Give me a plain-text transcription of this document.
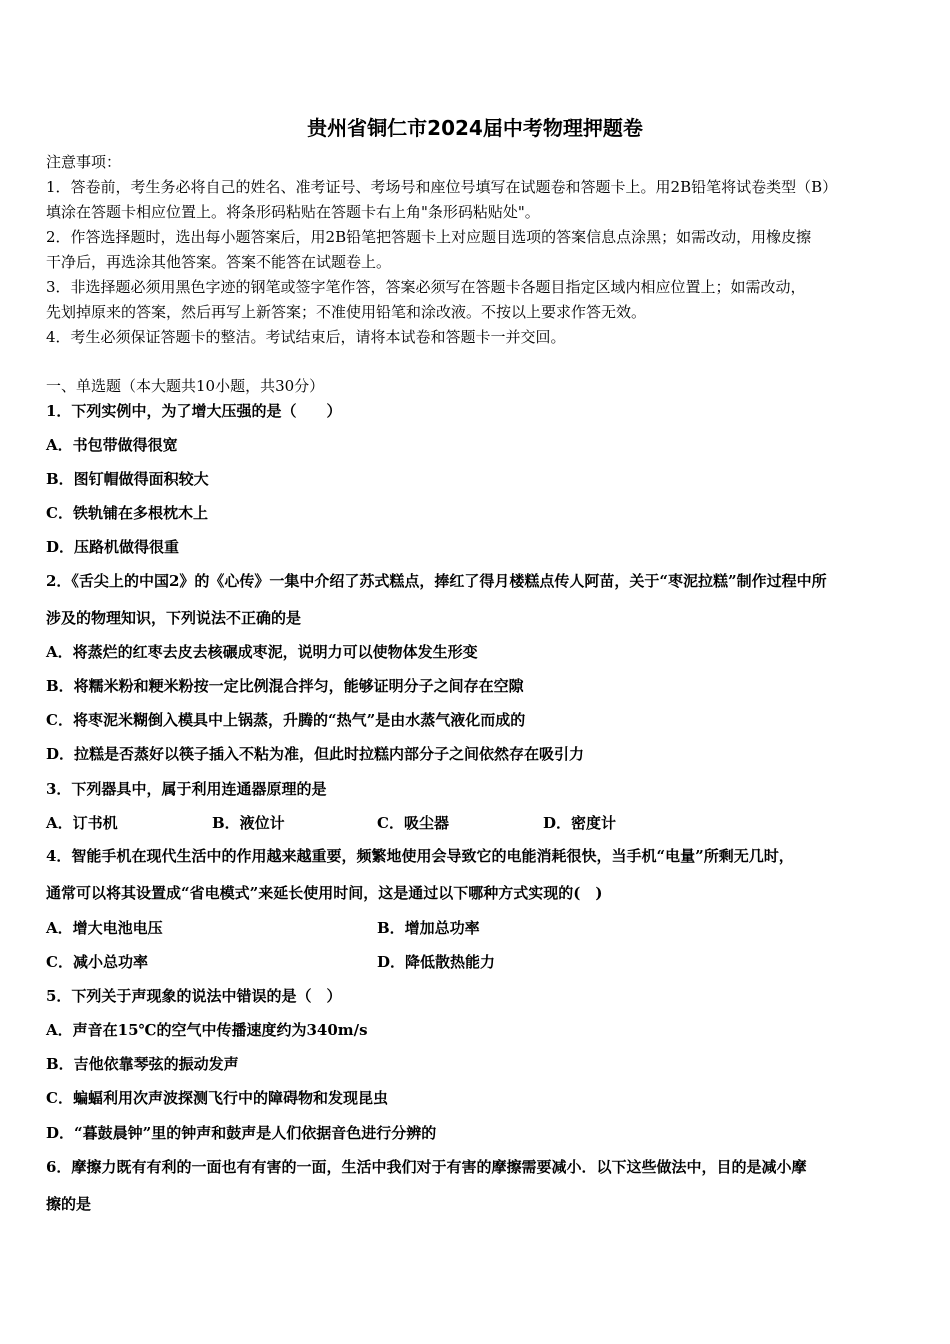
贵州省铜仁市2024届中考物理押题卷
注意事项：
1．答卷前，考生务必将自己的姓名、准考证号、考场号和座位号填写在试题卷和答题卡上。用2B铅笔将试卷类型（B）
填涂在答题卡相应位置上。将条形码粘贴在答题卡右上角"条形码粘贴处"。
2．作答选择题时，选出每小题答案后，用2B铅笔把答题卡上对应题目选项的答案信息点涂黑；如需改动，用橡皮擦
干净后，再选涂其他答案。答案不能答在试题卷上。
3．非选择题必须用黑色字迹的钢笔或签字笔作答，答案必须写在答题卡各题目指定区域内相应位置上；如需改动，
先划掉原来的答案，然后再写上新答案；不准使用铅笔和涂改液。不按以上要求作答无效。
4．考生必须保证答题卡的整洁。考试结束后，请将本试卷和答题卡一并交回。
一、单选题（本大题共10小题，共30分）
1．下列实例中，为了增大压强的是（　　）
A．书包带做得很宽
B．图钉帽做得面积较大
C．铁轨铺在多根枕木上
D．压路机做得很重
2．《舌尖上的中国2》的《心传》一集中介绍了苏式糕点，捧红了得月楼糕点传人阿苗，关于“枣泥拉糕”制作过程中所
涉及的物理知识，下列说法不正确的是
A．将蒸烂的红枣去皮去核碾成枣泥，说明力可以使物体发生形变
B．将糯米粉和粳米粉按一定比例混合拌匀，能够证明分子之间存在空隙
C．将枣泥米糊倒入模具中上锅蒸，升腾的“热气”是由水蒸气液化而成的
D．拉糕是否蒸好以筷子插入不粘为准，但此时拉糕内部分子之间依然存在吸引力
3．下列器具中，属于利用连通器原理的是
A．订书机	B．液位计	C．吸尘器	D．密度计
4．智能手机在现代生活中的作用越来越重要，频繁地使用会导致它的电能消耗很快，当手机“电量”所剩无几时，
通常可以将其设置成“省电模式”来延长使用时间，这是通过以下哪种方式实现的(　)
A．增大电池电压	B．增加总功率
C．减小总功率	D．降低散热能力
5．下列关于声现象的说法中错误的是（　）
A．声音在15℃的空气中传播速度约为340m/s
B．吉他依靠琴弦的振动发声
C．蝙蝠利用次声波探测飞行中的障碍物和发现昆虫
D．“暮鼓晨钟”里的钟声和鼓声是人们依据音色进行分辨的
6．摩擦力既有有利的一面也有有害的一面，生活中我们对于有害的摩擦需要减小．以下这些做法中，目的是减小摩
擦的是
